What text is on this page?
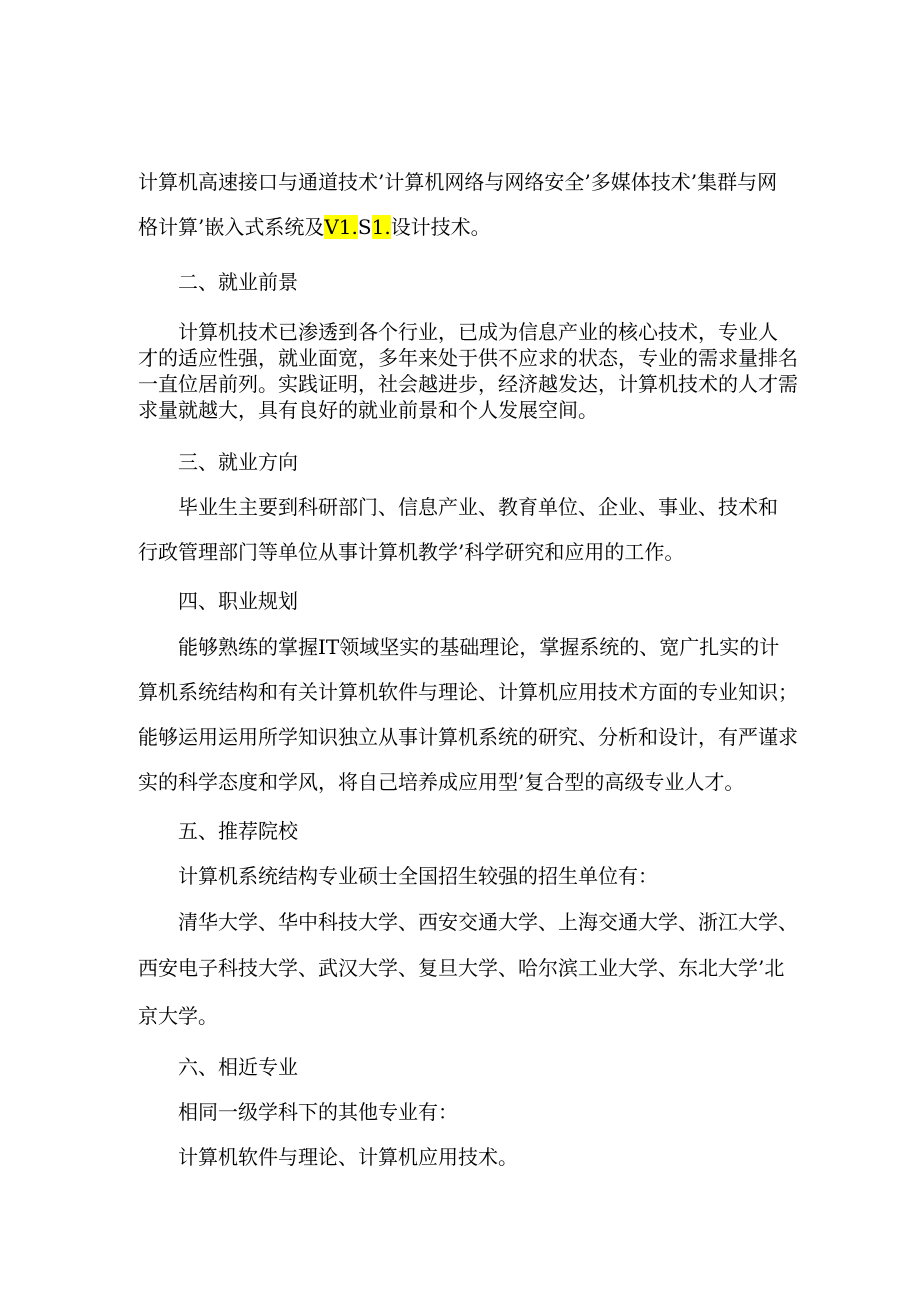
计算机高速接口与通道技术’计算机网络与网络安全’多媒体技术’集群与网
格计算’嵌入式系统及V1.S1.设计技术。
二、就业前景
计算机技术已渗透到各个行业，已成为信息产业的核心技术，专业人
才的适应性强，就业面宽，多年来处于供不应求的状态，专业的需求量排名
一直位居前列。实践证明，社会越进步，经济越发达，计算机技术的人才需
求量就越大，具有良好的就业前景和个人发展空间。
三、就业方向
毕业生主要到科研部门、信息产业、教育单位、企业、事业、技术和
行政管理部门等单位从事计算机教学’科学研究和应用的工作。
四、职业规划
能够熟练的掌握IT领域坚实的基础理论，掌握系统的、宽广扎实的计
算机系统结构和有关计算机软件与理论、计算机应用技术方面的专业知识；
能够运用运用所学知识独立从事计算机系统的研究、分析和设计，有严谨求
实的科学态度和学风，将自己培养成应用型’复合型的高级专业人才。
五、推荐院校
计算机系统结构专业硕士全国招生较强的招生单位有：
清华大学、华中科技大学、西安交通大学、上海交通大学、浙江大学、
西安电子科技大学、武汉大学、复旦大学、哈尔滨工业大学、东北大学’北
京大学。
六、相近专业
相同一级学科下的其他专业有：
计算机软件与理论、计算机应用技术。
